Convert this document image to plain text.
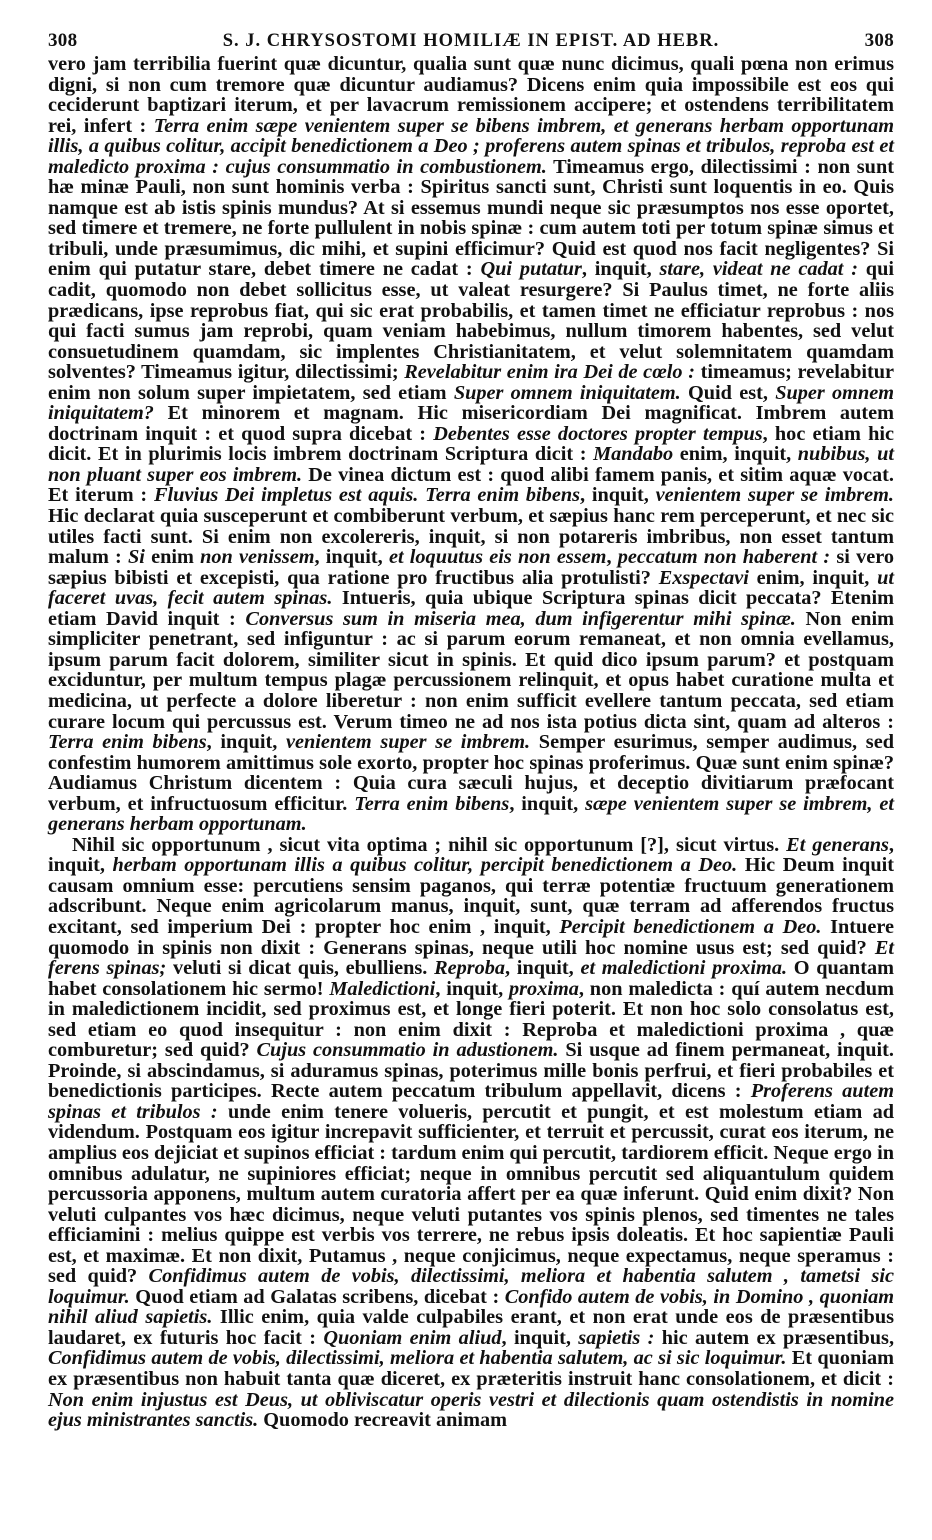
308	S. J. CHRYSOSTOMI HOMILIÆ IN EPIST. AD HEBR.	308

vero jam terribilia fuerint quæ dicuntur, qualia sunt quæ nunc dicimus, quali pœna non erimus digni, si non cum tremore quæ dicuntur audiamus? Dicens enim quia impossibile est eos qui ceciderunt baptizari iterum, et per lavacrum remissionem accipere; et ostendens terribilitatem rei, infert : Terra enim sæpe venientem super se bibens imbrem, et generans herbam opportunam illis, a quibus colitur, accipit benedictionem a Deo ; proferens autem spinas et tribulos, reproba est et maledicto proxima : cujus consummatio in combustionem. Timeamus ergo, dilectissimi : non sunt hæ minæ Pauli, non sunt hominis verba : Spiritus sancti sunt, Christi sunt loquentis in eo. Quis namque est ab istis spinis mundus? At si essemus mundi neque sic præsumptos nos esse oportet, sed timere et tremere, ne forte pullulent in nobis spinæ : cum autem toti per totum spinæ simus et tribuli, unde præsumimus, dic mihi, et supini efficimur? Quid est quod nos facit negligentes? Si enim qui putatur stare, debet timere ne cadat : Qui putatur, inquit, stare, videat ne cadat : qui cadit, quomodo non debet sollicitus esse, ut valeat resurgere? Si Paulus timet, ne forte aliis prædicans, ipse reprobus fiat, qui sic erat probabilis, et tamen timet ne efficiatur reprobus : nos qui facti sumus jam reprobi, quam veniam habebimus, nullum timorem habentes, sed velut consuetudinem quamdam, sic implentes Christianitatem, et velut solemnitatem quamdam solventes? Timeamus igitur, dilectissimi; Revelabitur enim ira Dei de cœlo : timeamus; revelabitur enim non solum super impietatem, sed etiam Super omnem iniquitatem. Quid est, Super omnem iniquitatem? Et minorem et magnam. Hic misericordiam Dei magnificat. Imbrem autem doctrinam inquit : et quod supra dicebat : Debentes esse doctores propter tempus, hoc etiam hic dicit. Et in plurimis locis imbrem doctrinam Scriptura dicit : Mandabo enim, inquit, nubibus, ut non pluant super eos imbrem. De vinea dictum est : quod alibi famem panis, et sitim aquæ vocat. Et iterum : Fluvius Dei impletus est aquis. Terra enim bibens, inquit, venientem super se imbrem. Hic declarat quia susceperunt et combiberunt verbum, et sæpius hanc rem perceperunt, et nec sic utiles facti sunt. Si enim non excolereris, inquit, si non potareris imbribus, non esset tantum malum : Si enim non venissem, inquit, et loquutus eis non essem, peccatum non haberent : si vero sæpius bibisti et excepisti, qua ratione pro fructibus alia protulisti? Exspectavi enim, inquit, ut faceret uvas, fecit autem spinas. Intueris, quia ubique Scriptura spinas dicit peccata? Etenim etiam David inquit : Conversus sum in miseria mea, dum infigerentur mihi spinæ. Non enim simpliciter penetrant, sed infiguntur : ac si parum eorum remaneat, et non omnia evellamus, ipsum parum facit dolorem, similiter sicut in spinis. Et quid dico ipsum parum? et postquam exciduntur, per multum tempus plagæ percussionem relinquit, et opus habet curatione multa et medicina, ut perfecte a dolore liberetur : non enim sufficit evellere tantum peccata, sed etiam curare locum qui percussus est. Verum timeo ne ad nos ista potius dicta sint, quam ad alteros : Terra enim bibens, inquit, venientem super se imbrem. Semper esurimus, semper audimus, sed confestim humorem amittimus sole exorto, propter hoc spinas proferimus. Quæ sunt enim spinæ? Audiamus Christum dicentem : Quia cura sæculi hujus, et deceptio divitiarum præfocant verbum, et infructuosum efficitur. Terra enim bibens, inquit, sæpe venientem super se imbrem, et generans herbam opportunam.

Nihil sic opportunum , sicut vita optima ; nihil sic opportunum [?], sicut virtus. Et generans, inquit, herbam opportunam illis a quibus colitur, percipit benedictionem a Deo. Hic Deum inquit causam omnium esse: percutiens sensim paganos, qui terræ potentiæ fructuum generationem adscribunt. Neque enim agricolarum manus, inquit, sunt, quæ terram ad afferendos fructus excitant, sed imperium Dei : propter hoc enim , inquit, Percipit benedictionem a Deo. Intuere quomodo in spinis non dixit : Generans spinas, neque utili hoc nomine usus est; sed quid? Et ferens spinas; veluti si dicat quis, ebulliens. Reproba, inquit, et maledictioni proxima. O quantam habet consolationem hic sermo! Maledictioni, inquit, proxima, non maledicta : quí autem necdum in maledictionem incidit, sed proximus est, et longe fieri poterit. Et non hoc solo consolatus est, sed etiam eo quod insequitur : non enim dixit : Reproba et maledictioni proxima , quæ comburetur; sed quid? Cujus consummatio in adustionem. Si usque ad finem permaneat, inquit. Proinde, si abscindamus, si aduramus spinas, poterimus mille bonis perfrui, et fieri probabiles et benedictionis participes. Recte autem peccatum tribulum appellavit, dicens : Proferens autem spinas et tribulos : unde enim tenere volueris, percutit et pungit, et est molestum etiam ad videndum. Postquam eos igitur increpavit sufficienter, et terruit et percussit, curat eos iterum, ne amplius eos dejiciat et supinos efficiat : tardum enim qui percutit, tardiorem efficit. Neque ergo in omnibus adulatur, ne supiniores efficiat; neque in omnibus percutit sed aliquantulum quidem percussoria apponens, multum autem curatoria affert per ea quæ inferunt. Quid enim dixit? Non veluti culpantes vos hæc dicimus, neque veluti putantes vos spinis plenos, sed timentes ne tales efficiamini : melius quippe est verbis vos terrere, ne rebus ipsis doleatis. Et hoc sapientiæ Pauli est, et maximæ. Et non dixit, Putamus , neque conjicimus, neque expectamus, neque speramus : sed quid? Confidimus autem de vobis, dilectissimi, meliora et habentia salutem , tametsi sic loquimur. Quod etiam ad Galatas scribens, dicebat : Confido autem de vobis, in Domino , quoniam nihil aliud sapietis. Illic enim, quia valde culpabiles erant, et non erat unde eos de præsentibus laudaret, ex futuris hoc facit : Quoniam enim aliud, inquit, sapietis : hic autem ex præsentibus, Confidimus autem de vobis, dilectissimi, meliora et habentia salutem, ac si sic loquimur. Et quoniam ex præsentibus non habuit tanta quæ diceret, ex præteritis instruit hanc consolationem, et dicit : Non enim injustus est Deus, ut obliviscatur operis vestri et dilectionis quam ostendistis in nomine ejus ministrantes sanctis. Quomodo recreavit animam
